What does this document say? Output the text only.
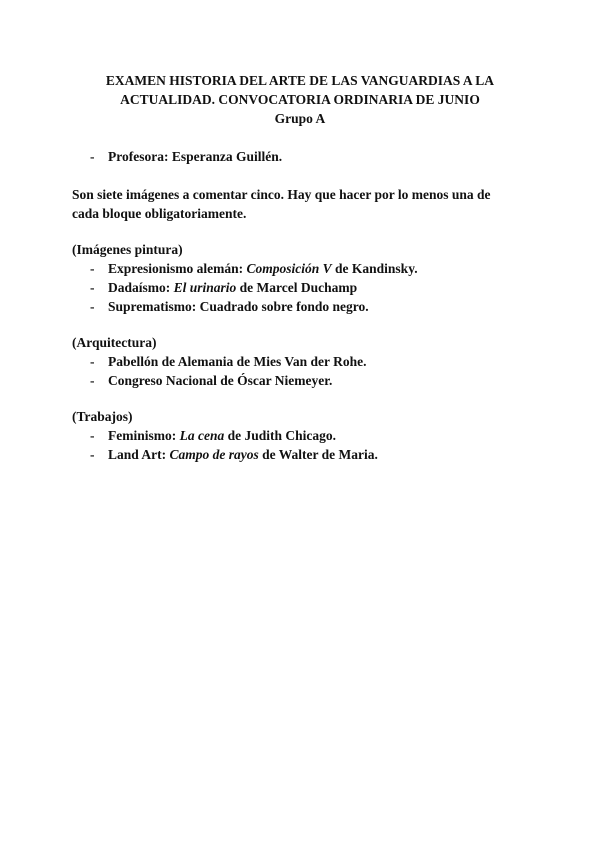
EXAMEN HISTORIA DEL ARTE DE LAS VANGUARDIAS A LA
ACTUALIDAD. CONVOCATORIA ORDINARIA DE JUNIO
Grupo A
- Profesora: Esperanza Guillén.
Son siete imágenes a comentar cinco. Hay que hacer por lo menos una de
cada bloque obligatoriamente.
(Imágenes pintura)
- Expresionismo alemán: Composición V de Kandinsky.
- Dadaísmo: El urinario de Marcel Duchamp
- Suprematismo: Cuadrado sobre fondo negro.
(Arquitectura)
- Pabellón de Alemania de Mies Van der Rohe.
- Congreso Nacional de Óscar Niemeyer.
(Trabajos)
- Feminismo: La cena de Judith Chicago.
- Land Art: Campo de rayos de Walter de Maria.
